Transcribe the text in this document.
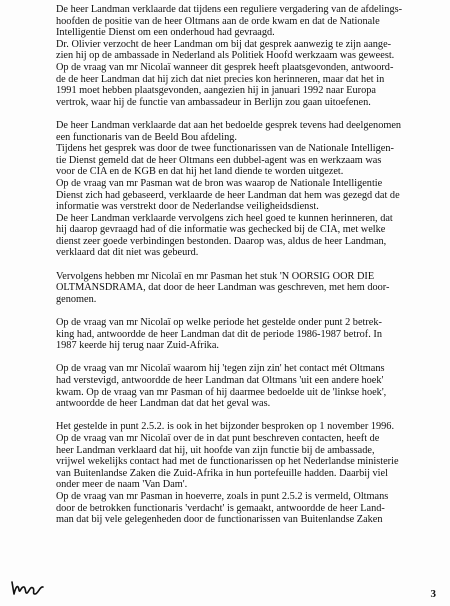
De heer Landman verklaarde dat tijdens een reguliere vergadering van de afdelings-
hoofden de positie van de heer Oltmans aan de orde kwam en dat de Nationale
Intelligentie Dienst om een onderhoud had gevraagd.
Dr. Olivier verzocht de heer Landman om bij dat gesprek aanwezig te zijn aange-
zien hij op de ambassade in Nederland als Politiek Hoofd werkzaam was geweest.
Op de vraag van mr Nicolaï wanneer dit gesprek heeft plaatsgevonden, antwoord-
de de heer Landman dat hij zich dat niet precies kon herinneren, maar dat het in
1991 moet hebben plaatsgevonden, aangezien hij in januari 1992 naar Europa
vertrok, waar hij de functie van ambassadeur in Berlijn zou gaan uitoefenen.
De heer Landman verklaarde dat aan het bedoelde gesprek tevens had deelgenomen
een functionaris van de Beeld Bou afdeling.
Tijdens het gesprek was door de twee functionarissen van de Nationale Intelligen-
tie Dienst gemeld dat de heer Oltmans een dubbel-agent was en werkzaam was
voor de CIA en de KGB en dat hij het land diende te worden uitgezet.
Op de vraag van mr Pasman wat de bron was waarop de Nationale Intelligentie
Dienst zich had gebaseerd, verklaarde de heer Landman dat hem was gezegd dat de
informatie was verstrekt door de Nederlandse veiligheidsdienst.
De heer Landman verklaarde vervolgens zich heel goed te kunnen herinneren, dat
hij daarop gevraagd had of die informatie was gechecked bij de CIA, met welke
dienst zeer goede verbindingen bestonden. Daarop was, aldus de heer Landman,
verklaard dat dit niet was gebeurd.
Vervolgens hebben mr Nicolaï en mr Pasman het stuk 'N OORSIG OOR DIE
OLTMANSDRAMA, dat door de heer Landman was geschreven, met hem door-
genomen.
Op de vraag van mr Nicolaï op welke periode het gestelde onder punt 2 betrek-
king had, antwoordde de heer Landman dat dit de periode 1986-1987 betrof. In
1987 keerde hij terug naar Zuid-Afrika.
Op de vraag van mr Nicolaï waarom hij 'tegen zijn zin' het contact mét Oltmans
had verstevigd, antwoordde de heer Landman dat Oltmans 'uit een andere hoek'
kwam. Op de vraag van mr Pasman of hij daarmee bedoelde uit de 'linkse hoek',
antwoordde de heer Landman dat dat het geval was.
Het gestelde in punt 2.5.2. is ook in het bijzonder besproken op 1 november 1996.
Op de vraag van mr Nicolaï over de in dat punt beschreven contacten, heeft de
heer Landman verklaard dat hij, uit hoofde van zijn functie bij de ambassade,
vrijwel wekelijks contact had met de functionarissen op het Nederlandse ministerie
van Buitenlandse Zaken die Zuid-Afrika in hun portefeuille hadden. Daarbij viel
onder meer de naam 'Van Dam'.
Op de vraag van mr Pasman in hoeverre, zoals in punt 2.5.2 is vermeld, Oltmans
door de betrokken functionaris 'verdacht' is gemaakt, antwoordde de heer Land-
man dat bij vele gelegenheden door de functionarissen van Buitenlandse Zaken
3
